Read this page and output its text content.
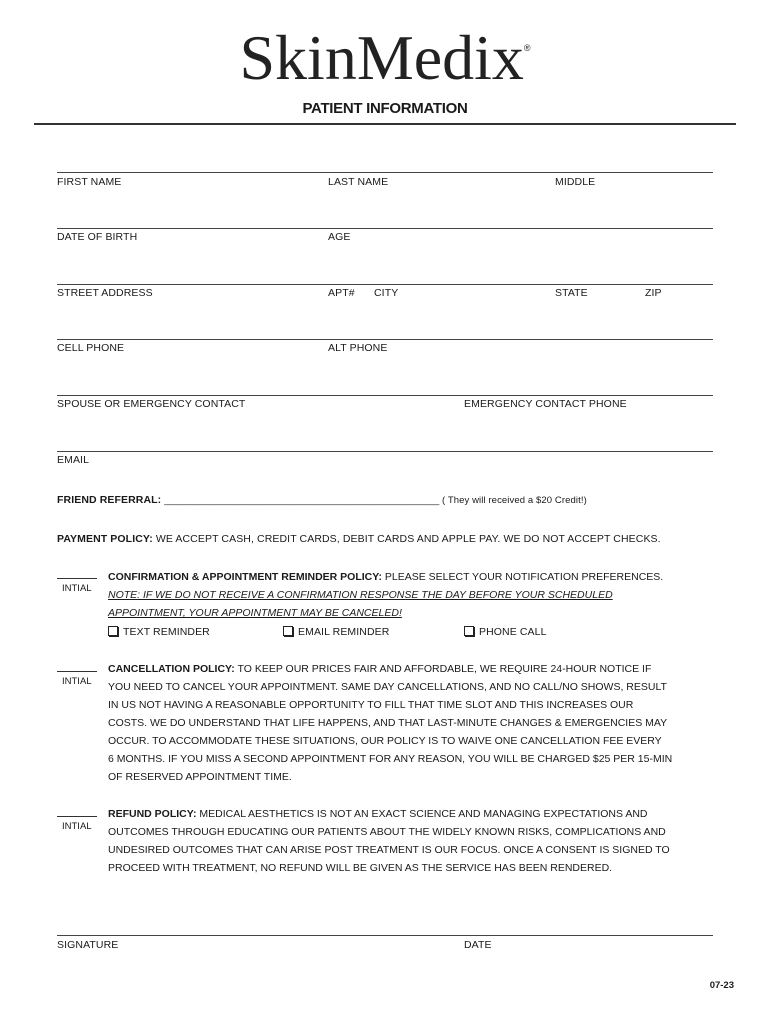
SkinMedix®
PATIENT INFORMATION
FIRST NAME	LAST NAME	MIDDLE
DATE OF BIRTH	AGE
STREET ADDRESS	APT# CITY	STATE	ZIP
CELL PHONE	ALT PHONE
SPOUSE OR EMERGENCY CONTACT	EMERGENCY CONTACT PHONE
EMAIL
FRIEND REFERRAL: ___________________________________________________________ ( They will received a $20 Credit!)
PAYMENT POLICY: WE ACCEPT CASH, CREDIT CARDS, DEBIT CARDS AND APPLE PAY. WE DO NOT ACCEPT CHECKS.
INTIAL
CONFIRMATION & APPOINTMENT REMINDER POLICY: PLEASE SELECT YOUR NOTIFICATION PREFERENCES.
NOTE: IF WE DO NOT RECEIVE A CONFIRMATION RESPONSE THE DAY BEFORE YOUR SCHEDULED
APPOINTMENT, YOUR APPOINTMENT MAY BE CANCELED!
TEXT REMINDER	EMAIL REMINDER	PHONE CALL
INTIAL
CANCELLATION POLICY: TO KEEP OUR PRICES FAIR AND AFFORDABLE, WE REQUIRE 24-HOUR NOTICE IF
YOU NEED TO CANCEL YOUR APPOINTMENT. SAME DAY CANCELLATIONS, AND NO CALL/NO SHOWS, RESULT
IN US NOT HAVING A REASONABLE OPPORTUNITY TO FILL THAT TIME SLOT AND THIS INCREASES OUR
COSTS. WE DO UNDERSTAND THAT LIFE HAPPENS, AND THAT LAST-MINUTE CHANGES & EMERGENCIES MAY
OCCUR. TO ACCOMMODATE THESE SITUATIONS, OUR POLICY IS TO WAIVE ONE CANCELLATION FEE EVERY
6 MONTHS. IF YOU MISS A SECOND APPOINTMENT FOR ANY REASON, YOU WILL BE CHARGED $25 PER 15-MIN
OF RESERVED APPOINTMENT TIME.
INTIAL
REFUND POLICY: MEDICAL AESTHETICS IS NOT AN EXACT SCIENCE AND MANAGING EXPECTATIONS AND
OUTCOMES THROUGH EDUCATING OUR PATIENTS ABOUT THE WIDELY KNOWN RISKS, COMPLICATIONS AND
UNDESIRED OUTCOMES THAT CAN ARISE POST TREATMENT IS OUR FOCUS. ONCE A CONSENT IS SIGNED TO
PROCEED WITH TREATMENT, NO REFUND WILL BE GIVEN AS THE SERVICE HAS BEEN RENDERED.
SIGNATURE	DATE
07-23
